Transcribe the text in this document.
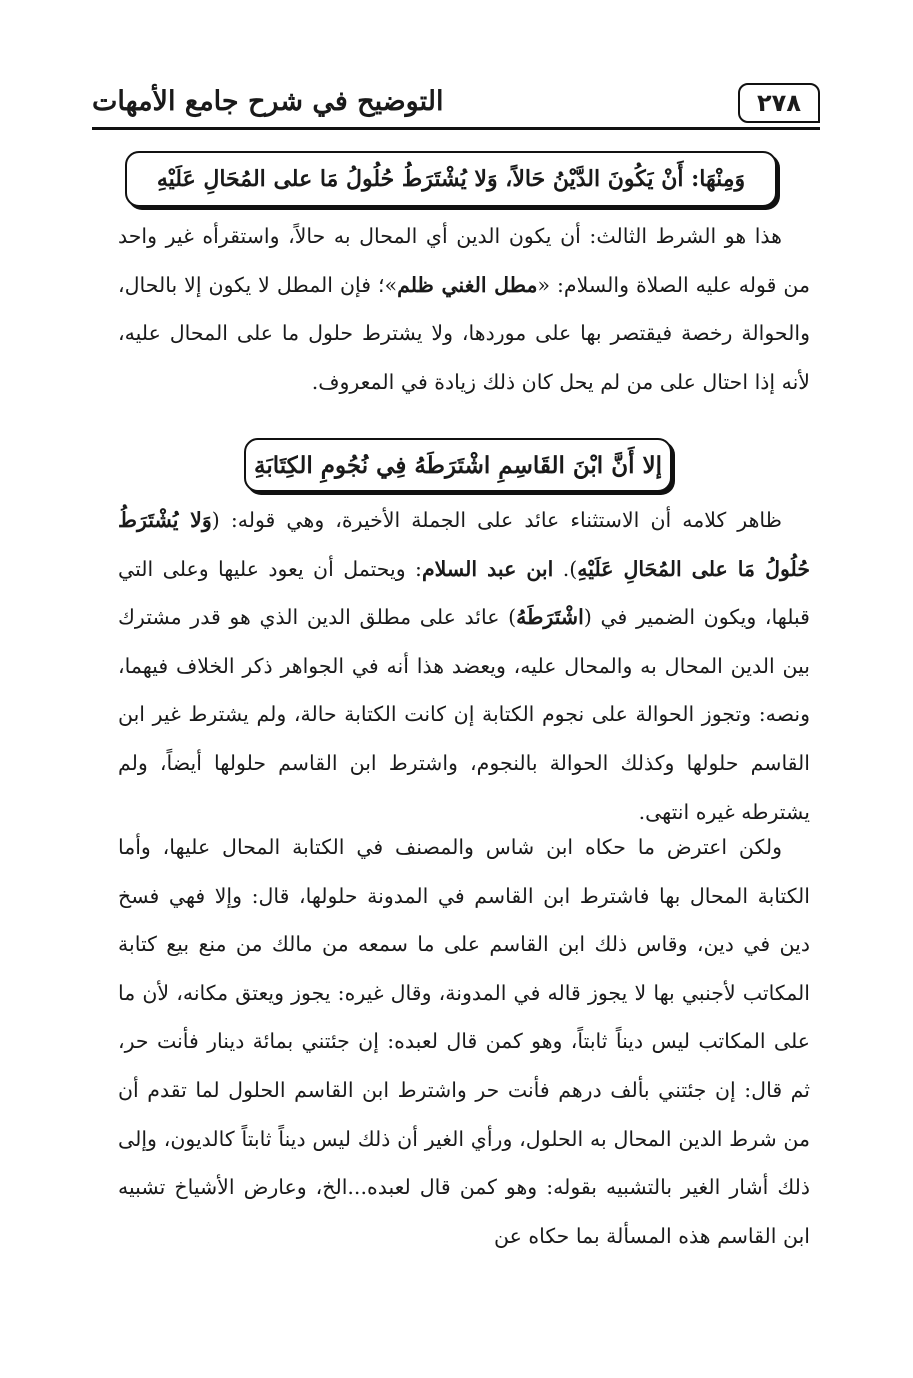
٢٧٨
التوضيح في شرح جامع الأمهات
وَمِنْهَا: أَنْ يَكُونَ الدَّيْنُ حَالاً، وَلا يُشْتَرَطُ حُلُولُ مَا على المُحَالِ عَلَيْهِ
هذا هو الشرط الثالث: أن يكون الدين أي المحال به حالاً، واستقرأه غير واحد من قوله عليه الصلاة والسلام: «مطل الغني ظلم»؛ فإن المطل لا يكون إلا بالحال، والحوالة رخصة فيقتصر بها على موردها، ولا يشترط حلول ما على المحال عليه، لأنه إذا احتال على من لم يحل كان ذلك زيادة في المعروف.
إلا أَنَّ ابْنَ القَاسِمِ اشْتَرَطَهُ فِي نُجُومِ الكِتَابَةِ
ظاهر كلامه أن الاستثناء عائد على الجملة الأخيرة، وهي قوله: (وَلا يُشْتَرَطُ حُلُولُ مَا على المُحَالِ عَلَيْهِ). ابن عبد السلام: ويحتمل أن يعود عليها وعلى التي قبلها، ويكون الضمير في (اشْتَرَطَهُ) عائد على مطلق الدين الذي هو قدر مشترك بين الدين المحال به والمحال عليه، ويعضد هذا أنه في الجواهر ذكر الخلاف فيهما، ونصه: وتجوز الحوالة على نجوم الكتابة إن كانت الكتابة حالة، ولم يشترط غير ابن القاسم حلولها وكذلك الحوالة بالنجوم، واشترط ابن القاسم حلولها أيضاً، ولم يشترطه غيره انتهى.
ولكن اعترض ما حكاه ابن شاس والمصنف في الكتابة المحال عليها، وأما الكتابة المحال بها فاشترط ابن القاسم في المدونة حلولها، قال: وإلا فهي فسخ دين في دين، وقاس ذلك ابن القاسم على ما سمعه من مالك من منع بيع كتابة المكاتب لأجنبي بها لا يجوز قاله في المدونة، وقال غيره: يجوز ويعتق مكانه، لأن ما على المكاتب ليس ديناً ثابتاً، وهو كمن قال لعبده: إن جئتني بمائة دينار فأنت حر، ثم قال: إن جئتني بألف درهم فأنت حر واشترط ابن القاسم الحلول لما تقدم أن من شرط الدين المحال به الحلول، ورأي الغير أن ذلك ليس ديناً ثابتاً كالديون، وإلى ذلك أشار الغير بالتشبيه بقوله: وهو كمن قال لعبده...الخ، وعارض الأشياخ تشبيه ابن القاسم هذه المسألة بما حكاه عن
